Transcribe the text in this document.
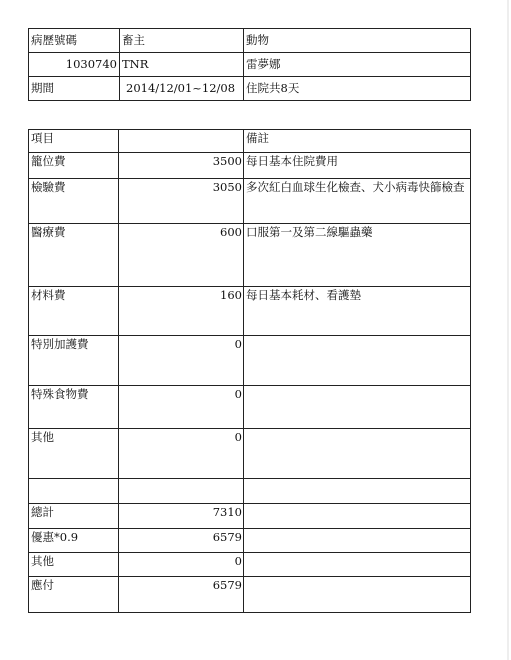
病歷號碼	畜主	動物
1030740	TNR	雷夢娜
期間	2014/12/01~12/08	住院共8天
項目		備註
籠位費	3500	每日基本住院費用
檢驗費	3050	多次紅白血球生化檢查、犬小病毒快篩檢查
醫療費	600	口服第一及第二線驅蟲藥
材料費	160	每日基本耗材、看護墊
特別加護費	0	
特殊食物費	0	
其他	0	

總計	7310	
優惠*0.9	6579	
其他	0	
應付	6579	
